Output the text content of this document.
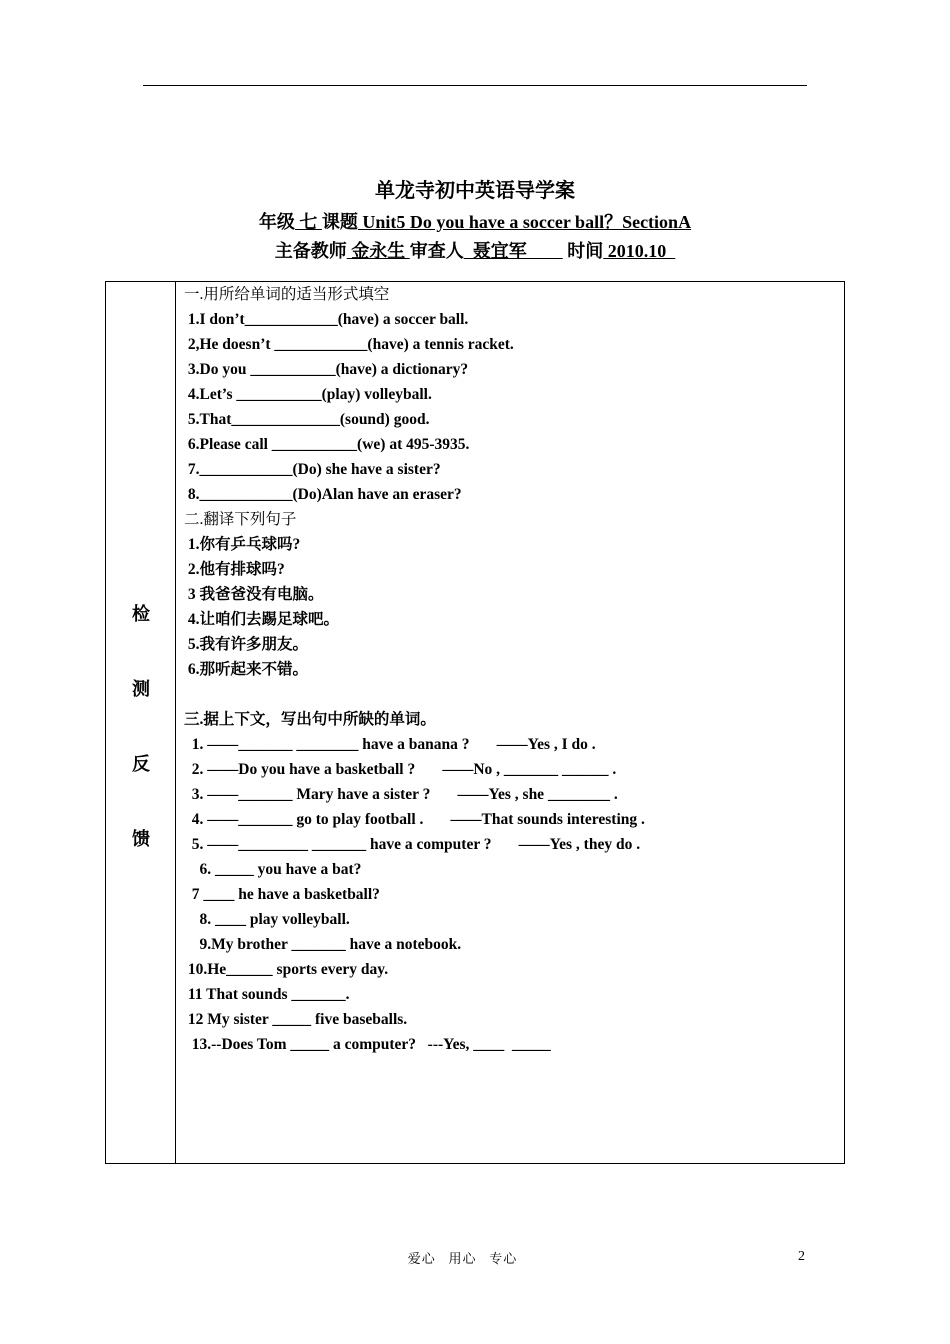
单龙寺初中英语导学案
年级 七 课题 Unit5 Do you have a soccer ball？SectionA
主备教师 金永生 审查人  聂宜军         时间 2010.10
检
测
反
馈
一.用所给单词的适当形式填空
1.I don’t____________(have) a soccer ball.
2,He doesn’t ____________(have) a tennis racket.
3.Do you ___________(have) a dictionary?
4.Let’s ___________(play) volleyball.
5.That______________(sound) good.
6.Please call ___________(we) at 495-3935.
7.____________(Do) she have a sister?
8.____________(Do)Alan have an eraser?
二.翻译下列句子
1.你有乒乓球吗?
2.他有排球吗?
3 我爸爸没有电脑。
4.让咱们去踢足球吧。
5.我有许多朋友。
6.那听起来不错。
三.据上下文，写出句中所缺的单词。
1. ——_______ ________ have a banana ?       ——Yes , I do .
2. ——Do you have a basketball ?       ——No , _______ ______ .
3. ——_______ Mary have a sister ?       ——Yes , she ________ .
4. ——_______ go to play football .       ——That sounds interesting .
5. ——_________ _______ have a computer ?       ——Yes , they do .
6. _____ you have a bat?
7 ____ he have a basketball?
8. ____ play volleyball.
9.My brother _______ have a notebook.
10.He______ sports every day.
11 That sounds _______.
12 My sister _____ five baseballs.
13.--Does Tom _____ a computer?   ---Yes, ____  _____
爱心   用心   专心	2
